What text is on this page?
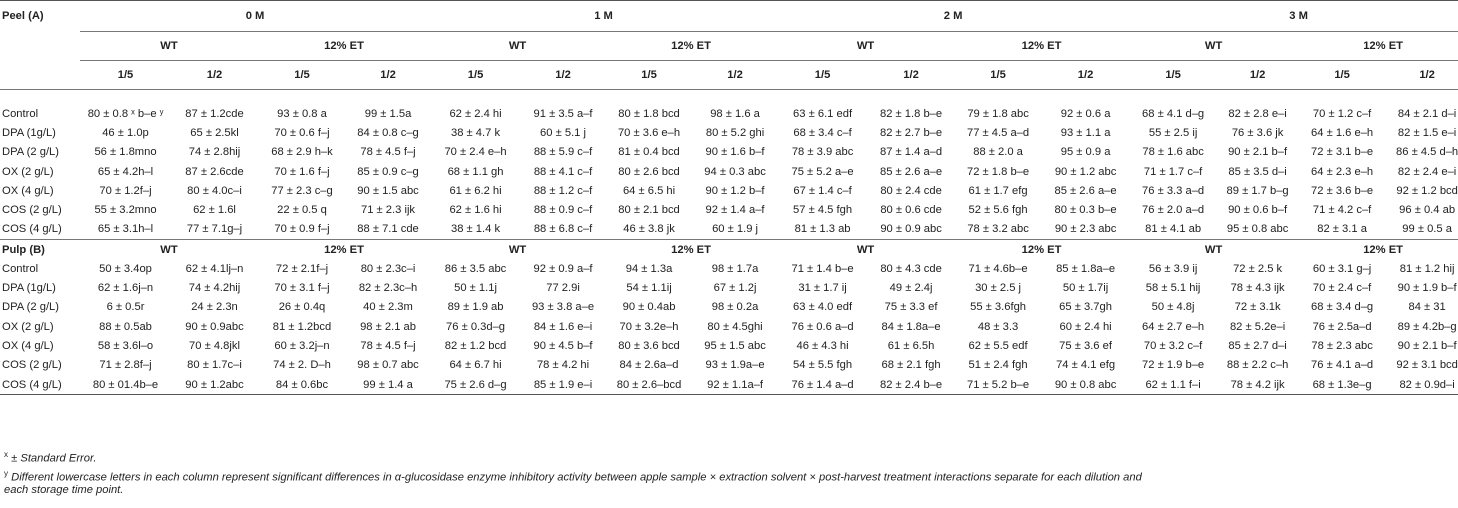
Peel (A)	0 M				1 M				2 M				3 M			
	WT		12% ET		WT		12% ET		WT		12% ET		WT		12% ET	
	1/5	1/2	1/5	1/2	1/5	1/2	1/5	1/2	1/5	1/2	1/5	1/2	1/5	1/2	1/5	1/2

Control	80 ± 0.8 ˣ b–e ʸ	87 ± 1.2cde	93 ± 0.8 a	99 ± 1.5a	62 ± 2.4 hi	91 ± 3.5 a–f	80 ± 1.8 bcd	98 ± 1.6 a	63 ± 6.1 edf	82 ± 1.8 b–e	79 ± 1.8 abc	92 ± 0.6 a	68 ± 4.1 d–g	82 ± 2.8 e–i	70 ± 1.2 c–f	84 ± 2.1 d–i
DPA (1g/L)	46 ± 1.0p	65 ± 2.5kl	70 ± 0.6 f–j	84 ± 0.8 c–g	38 ± 4.7 k	60 ± 5.1 j	70 ± 3.6 e–h	80 ± 5.2 ghi	68 ± 3.4 c–f	82 ± 2.7 b–e	77 ± 4.5 a–d	93 ± 1.1 a	55 ± 2.5 ij	76 ± 3.6 jk	64 ± 1.6 e–h	82 ± 1.5 e–i
DPA (2 g/L)	56 ± 1.8mno	74 ± 2.8hij	68 ± 2.9 h–k	78 ± 4.5 f–j	70 ± 2.4 e–h	88 ± 5.9 c–f	81 ± 0.4 bcd	90 ± 1.6 b–f	78 ± 3.9 abc	87 ± 1.4 a–d	88 ± 2.0 a	95 ± 0.9 a	78 ± 1.6 abc	90 ± 2.1 b–f	72 ± 3.1 b–e	86 ± 4.5 d–h
OX (2 g/L)	65 ± 4.2h–l	87 ± 2.6cde	70 ± 1.6 f–j	85 ± 0.9 c–g	68 ± 1.1 gh	88 ± 4.1 c–f	80 ± 2.6 bcd	94 ± 0.3 abc	75 ± 5.2 a–e	85 ± 2.6 a–e	72 ± 1.8 b–e	90 ± 1.2 abc	71 ± 1.7 c–f	85 ± 3.5 d–i	64 ± 2.3 e–h	82 ± 2.4 e–i
OX (4 g/L)	70 ± 1.2f–j	80 ± 4.0c–i	77 ± 2.3 c–g	90 ± 1.5 abc	61 ± 6.2 hi	88 ± 1.2 c–f	64 ± 6.5 hi	90 ± 1.2 b–f	67 ± 1.4 c–f	80 ± 2.4 cde	61 ± 1.7 efg	85 ± 2.6 a–e	76 ± 3.3 a–d	89 ± 1.7 b–g	72 ± 3.6 b–e	92 ± 1.2 bcd
COS (2 g/L)	55 ± 3.2mno	62 ± 1.6l	22 ± 0.5 q	71 ± 2.3 ijk	62 ± 1.6 hi	88 ± 0.9 c–f	80 ± 2.1 bcd	92 ± 1.4 a–f	57 ± 4.5 fgh	80 ± 0.6 cde	52 ± 5.6 fgh	80 ± 0.3 b–e	76 ± 2.0 a–d	90 ± 0.6 b–f	71 ± 4.2 c–f	96 ± 0.4 ab
COS (4 g/L)	65 ± 3.1h–l	77 ± 7.1g–j	70 ± 0.9 f–j	88 ± 7.1 cde	38 ± 1.4 k	88 ± 6.8 c–f	46 ± 3.8 jk	60 ± 1.9 j	81 ± 1.3 ab	90 ± 0.9 abc	78 ± 3.2 abc	90 ± 2.3 abc	81 ± 4.1 ab	95 ± 0.8 abc	82 ± 3.1 a	99 ± 0.5 a
Pulp (B)	WT		12% ET		WT		12% ET		WT		12% ET		WT		12% ET	
Control	50 ± 3.4op	62 ± 4.1lj–n	72 ± 2.1f–j	80 ± 2.3c–i	86 ± 3.5 abc	92 ± 0.9 a–f	94 ± 1.3a	98 ± 1.7a	71 ± 1.4 b–e	80 ± 4.3 cde	71 ± 4.6b–e	85 ± 1.8a–e	56 ± 3.9 ij	72 ± 2.5 k	60 ± 3.1 g–j	81 ± 1.2 hij
DPA (1g/L)	62 ± 1.6j–n	74 ± 4.2hij	70 ± 3.1 f–j	82 ± 2.3c–h	50 ± 1.1j	77 2.9i	54 ± 1.1ij	67 ± 1.2j	31 ± 1.7 ij	49 ± 2.4j	30 ± 2.5 j	50 ± 1.7ij	58 ± 5.1 hij	78 ± 4.3 ijk	70 ± 2.4 c–f	90 ± 1.9 b–f
DPA (2 g/L)	6 ± 0.5r	24 ± 2.3n	26 ± 0.4q	40 ± 2.3m	89 ± 1.9 ab	93 ± 3.8 a–e	90 ± 0.4ab	98 ± 0.2a	63 ± 4.0 edf	75 ± 3.3 ef	55 ± 3.6fgh	65 ± 3.7gh	50 ± 4.8j	72 ± 3.1k	68 ± 3.4 d–g	84 ± 31
OX (2 g/L)	88 ± 0.5ab	90 ± 0.9abc	81 ± 1.2bcd	98 ± 2.1 ab	76 ± 0.3d–g	84 ± 1.6 e–i	70 ± 3.2e–h	80 ± 4.5ghi	76 ± 0.6 a–d	84 ± 1.8a–e	48 ± 3.3	60 ± 2.4 hi	64 ± 2.7 e–h	82 ± 5.2e–i	76 ± 2.5a–d	89 ± 4.2b–g
OX (4 g/L)	58 ± 3.6l–o	70 ± 4.8jkl	60 ± 3.2j–n	78 ± 4.5 f–j	82 ± 1.2 bcd	90 ± 4.5 b–f	80 ± 3.6 bcd	95 ± 1.5 abc	46 ± 4.3 hi	61 ± 6.5h	62 ± 5.5 edf	75 ± 3.6 ef	70 ± 3.2 c–f	85 ± 2.7 d–i	78 ± 2.3 abc	90 ± 2.1 b–f
COS (2 g/L)	71 ± 2.8f–j	80 ± 1.7c–i	74 ± 2. D–h	98 ± 0.7 abc	64 ± 6.7 hi	78 ± 4.2 hi	84 ± 2.6a–d	93 ± 1.9a–e	54 ± 5.5 fgh	68 ± 2.1 fgh	51 ± 2.4 fgh	74 ± 4.1 efg	72 ± 1.9 b–e	88 ± 2.2 c–h	76 ± 4.1 a–d	92 ± 3.1 bcd
COS (4 g/L)	80 ± 01.4b–e	90 ± 1.2abc	84 ± 0.6bc	99 ± 1.4 a	75 ± 2.6 d–g	85 ± 1.9 e–i	80 ± 2.6–bcd	92 ± 1.1a–f	76 ± 1.4 a–d	82 ± 2.4 b–e	71 ± 5.2 b–e	90 ± 0.8 abc	62 ± 1.1 f–i	78 ± 4.2 ijk	68 ± 1.3e–g	82 ± 0.9d–i
$^x$ ± Standard Error.
$^y$ Different lowercase letters in each column represent significant differences in α-glucosidase enzyme inhibitory activity between apple sample × extraction solvent × post-harvest treatment interactions separate for each dilution and
each storage time point.
